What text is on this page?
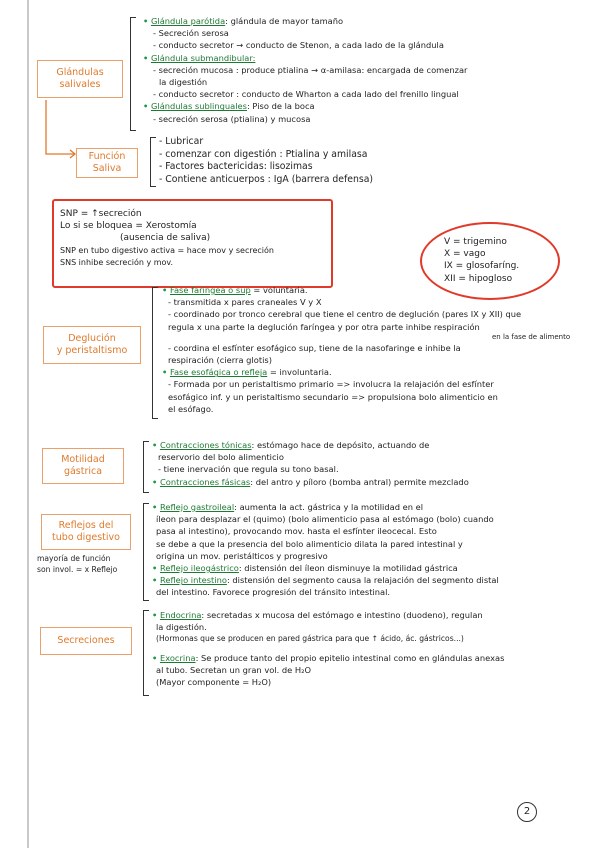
Glándulas
salivales
• Glándula parótida: glándula de mayor tamaño
- Secreción serosa
- conducto secretor → conducto de Stenon, a cada lado de la glándula
• Glándula submandibular:
- secreción mucosa : produce ptialina → α-amilasa: encargada de comenzar
la digestión
- conducto secretor : conducto de Wharton a cada lado del frenillo lingual
• Glándulas sublinguales: Piso de la boca
- secreción serosa (ptialina) y mucosa
Función
Saliva
- Lubricar
- comenzar con digestión : Ptialina y amilasa
- Factores bactericidas: lisozimas
- Contiene anticuerpos : IgA (barrera defensa)
SNP = ↑secreción
Lo si se bloquea = Xerostomía
(ausencia de saliva)
SNP en tubo digestivo activa = hace mov y secreción
SNS inhibe secreción y mov.
V = trigemino
X = vago
IX = glosofaríng.
XII = hipogloso
Deglución
y peristaltismo
• Fase faringea o sup = voluntaria.
- transmitida x pares craneales V y X
- coordinado por tronco cerebral que tiene el centro de deglución (pares IX y XII) que
regula x una parte la deglución faríngea y por otra parte inhibe respiración
en la fase de alimento
- coordina el esfínter esofágico sup, tiene de la nasofaringe e inhibe la
respiración (cierra glotis)
• Fase esofágica o refleja = involuntaria.
- Formada por un peristaltismo primario => involucra la relajación del esfínter
esofágico inf. y un peristaltismo secundario => propulsiona bolo alimenticio en
el esófago.
Motilidad
gástrica
• Contracciones tónicas: estómago hace de depósito, actuando de
reservorio del bolo alimenticio
- tiene inervación que regula su tono basal.
• Contracciones fásicas: del antro y píloro (bomba antral) permite mezclado
Reflejos del
tubo digestivo
mayoría de función
son invol. = x Reflejo
• Reflejo gastroileal: aumenta la act. gástrica y la motilidad en el
íleon para desplazar el (quimo) (bolo alimenticio pasa al estómago (bolo) cuando
pasa al intestino), provocando mov. hasta el esfínter ileocecal. Esto
se debe a que la presencia del bolo alimenticio dilata la pared intestinal y
origina un mov. peristálticos y progresivo
• Reflejo ileogástrico: distensión del íleon disminuye la motilidad gástrica
• Reflejo intestino: distensión del segmento causa la relajación del segmento distal
del intestino. Favorece progresión del tránsito intestinal.
Secreciones
• Endocrina: secretadas x mucosa del estómago e intestino (duodeno), regulan
la digestión.
(Hormonas que se producen en pared gástrica para que ↑ ácido, ác. gástricos...)
• Exocrina: Se produce tanto del propio epitelio intestinal como en glándulas anexas
al tubo. Secretan un gran vol. de H₂O
(Mayor componente = H₂O)
2
